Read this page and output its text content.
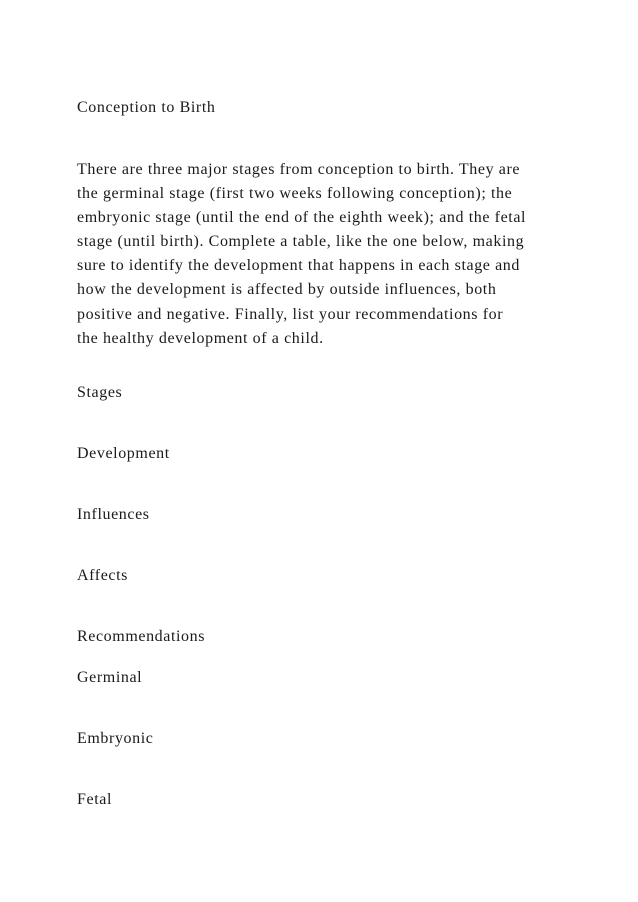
Conception to Birth

There are three major stages from conception to birth. They are
the germinal stage (first two weeks following conception); the
embryonic stage (until the end of the eighth week); and the fetal
stage (until birth). Complete a table, like the one below, making
sure to identify the development that happens in each stage and
how the development is affected by outside influences, both
positive and negative. Finally, list your recommendations for
the healthy development of a child.

Stages
Development
Influences
Affects
Recommendations
Germinal
Embryonic
Fetal
